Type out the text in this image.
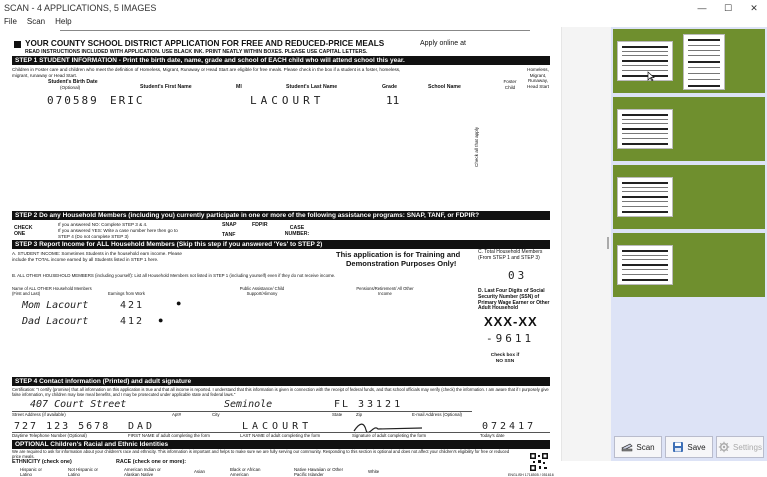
SCAN - 4 APPLICATIONS, 5 IMAGES	—	☐	✕
File Scan Help
YOUR COUNTY SCHOOL DISTRICT APPLICATION FOR FREE AND REDUCED-PRICE MEALS	Apply online at
READ INSTRUCTIONS INCLUDED WITH APPLICATION. USE BLACK INK. PRINT NEATLY WITHIN BOXES. PLEASE USE CAPITAL LETTERS.
STEP 1 STUDENT INFORMATION - Print the birth date, name, grade and school of EACH child who will attend school this year.
Children in Foster care and children who meet the definition of Homeless, Migrant, Runaway or Head Start are eligible for free meals. Please check in the box if a student is a foster, homeless, migrant, runaway or Head Start.
Student's Birth Date
(Optional)	Student's First Name	MI	Student's Last Name	Grade	School Name
Foster Child
Homeless, Migrant, Runaway, Head Start
070589 ERIC	LACOURT	11
Check all that apply
STEP 2 Do any Household Members (including you) currently participate in one or more of the following assistance programs: SNAP, TANF, or FDPIR?
CHECK ONE
If you answered NO: Complete STEP 3 & 4.
If you answered YES: Write a case number here then go to STEP 4 (Do not complete STEP 3)
SNAP	FDPIR
TANF
CASE NUMBER:
STEP 3 Report Income for ALL Household Members (Skip this step if you answered 'Yes' to STEP 2)
A. STUDENT INCOME: Sometimes Students in the household earn income. Please include the TOTAL income earned by all Students listed in STEP 1 here.	This application is for Training and
Demonstration Purposes Only!
C. Total Household Members (From STEP 1 and STEP 3)
B. ALL OTHER HOUSEHOLD MEMBERS (including yourself): List all Household Members not listed in STEP 1 (including yourself) even if they do not receive income.	03
Name of ALL OTHER Household Members (First and Last)	Earnings from Work
Public Assistance/ Child Support/Alimony
Pensions/Retirement/ All Other Income	D. Last Four Digits of Social Security Number (SSN) of Primary Wage Earner or Other Adult Household
Mom Lacourt	421	●
Dad Lacourt	412 ●	XXX-XX
-9611
Check box if NO SSN
STEP 4 Contact information (Printed) and adult signature
Certification: "I certify (promise) that all information on this application is true and that all income is reported. I understand that this information is given in connection with the receipt of federal funds, and that school officials may verify (check) the information. I am aware that if I purposely give false information, my children may lose meal benefits, and I may be prosecuted under applicable state and federal laws."
407 Court Street	Seminole	FL 33121
Street Address (if available)	Apt#	City	State	Zip	E-mail Address (Optional)
727 123 5678 DAD	LACOURT	072417
Daytime Telephone Number (Optional)	FIRST NAME of adult completing the form	LAST NAME of adult completing the form	Signature of adult completing the form	Today's date
OPTIONAL Children's Racial and Ethnic Identities
We are required to ask for information about your children's race and ethnicity. This information is important and helps to make sure we are fully serving our community. Responding to this section is optional and does not affect your children's eligibility for free or reduced price meals.
ETHNICITY (check one)	RACE (check one or more):
Hispanic or Latino
Not Hispanic or Latino
American Indian or Alaskan Native
Asian	Black or African American
Native Hawaiian or Other Pacific Islander
White
ENGLISH 1718505 / 051616
Scan	Save	Settings
